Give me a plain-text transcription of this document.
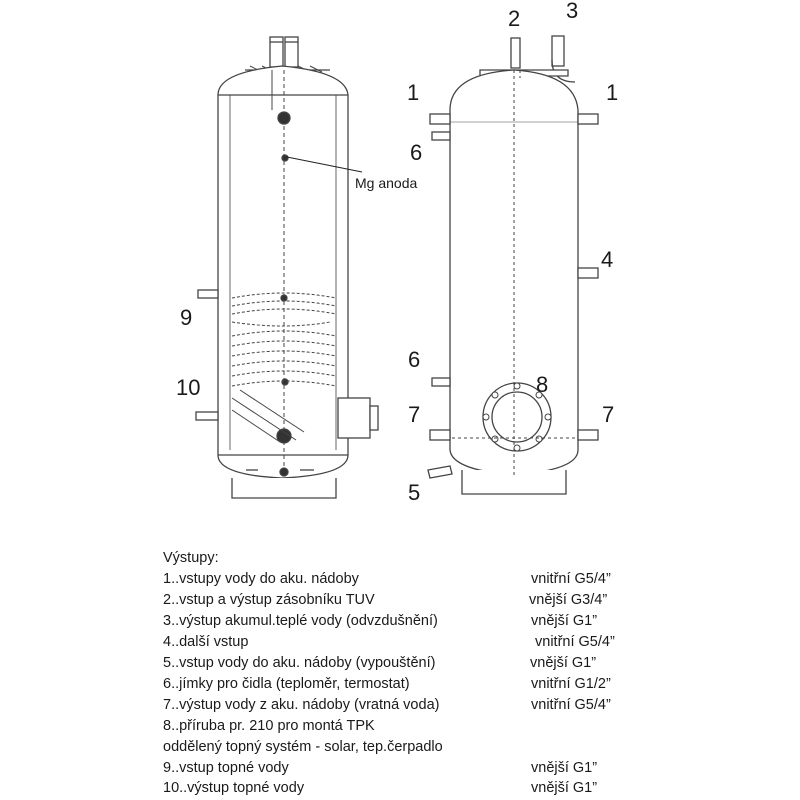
9
10
Mg anoda
2 3
1	1
6
4
6
8
7	7
5
Výstupy:
1..vstupy vody do aku. nádoby	vnitřní G5/4”
2..vstup a výstup zásobníku TUV	vnější G3/4”
3..výstup akumul.teplé vody (odvzdušnění)	vnější G1”
4..další vstup	vnitřní G5/4”
5..vstup vody do aku. nádoby (vypouštění)	vnější G1”
6..jímky pro čidla (teploměr, termostat)	vnitřní G1/2”
7..výstup vody z aku. nádoby (vratná voda)	vnitřní G5/4”
8..příruba pr. 210 pro montá TPK
oddělený topný systém - solar, tep.čerpadlo
9..vstup topné vody	vnější G1”
10..výstup topné vody	vnější G1”
